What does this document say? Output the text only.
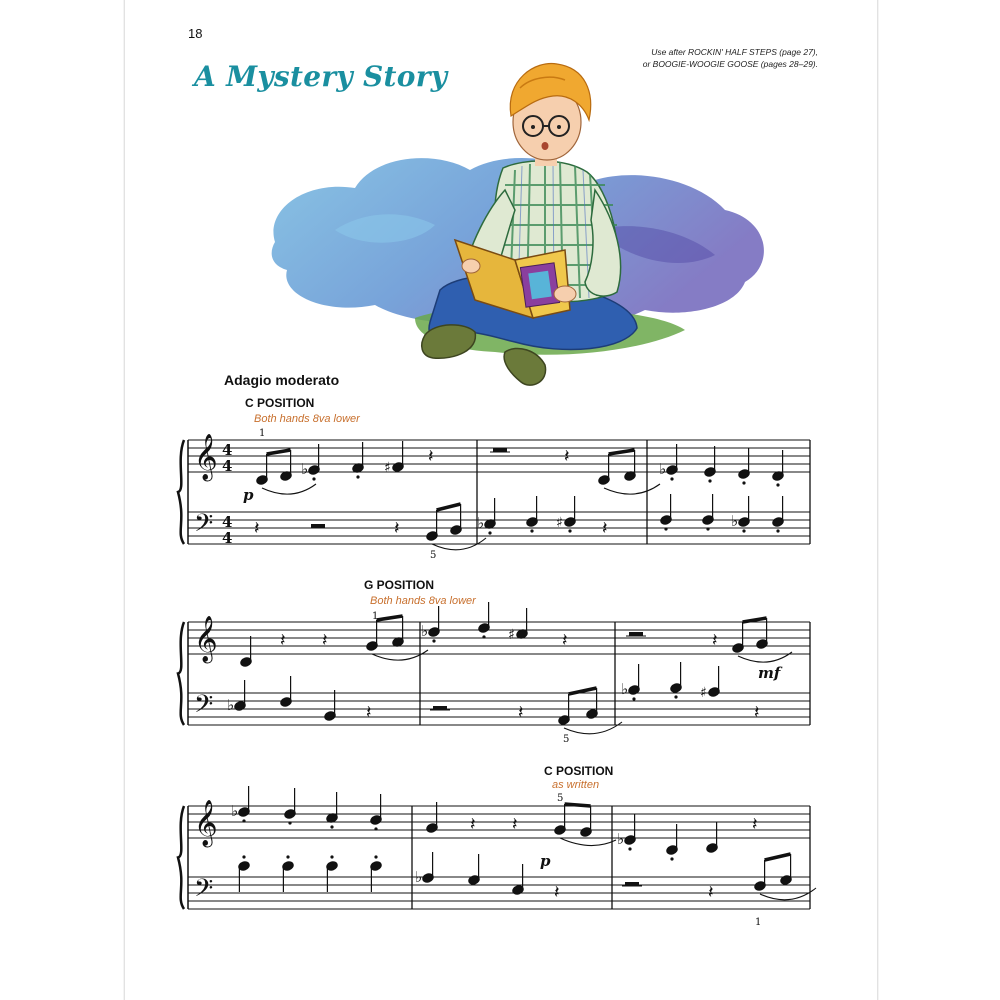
18
A Mystery Story
Use after ROCKIN' HALF STEPS (page 27),
or BOOGIE-WOOGIE GOOSE (pages 28–29).
Adagio moderato
C POSITION
Both hands 8va lower
G POSITION
Both hands 8va lower
C POSITION
as written
𝄞
𝄢
4
4
4
4
𝄞
𝄢
𝄞
𝄢
♭	♯
𝄽	𝄽
♭
𝄽	𝄽	♭	♯ 𝄽	♭
𝄽 𝄽	♭	♯	𝄽	𝄽
♭	𝄽	𝄽
♭	♯
𝄽
♭
𝄽 𝄽
♭
𝄽
♭
𝄽	𝄽
1
5
1
5
5
1
p
mf
p
